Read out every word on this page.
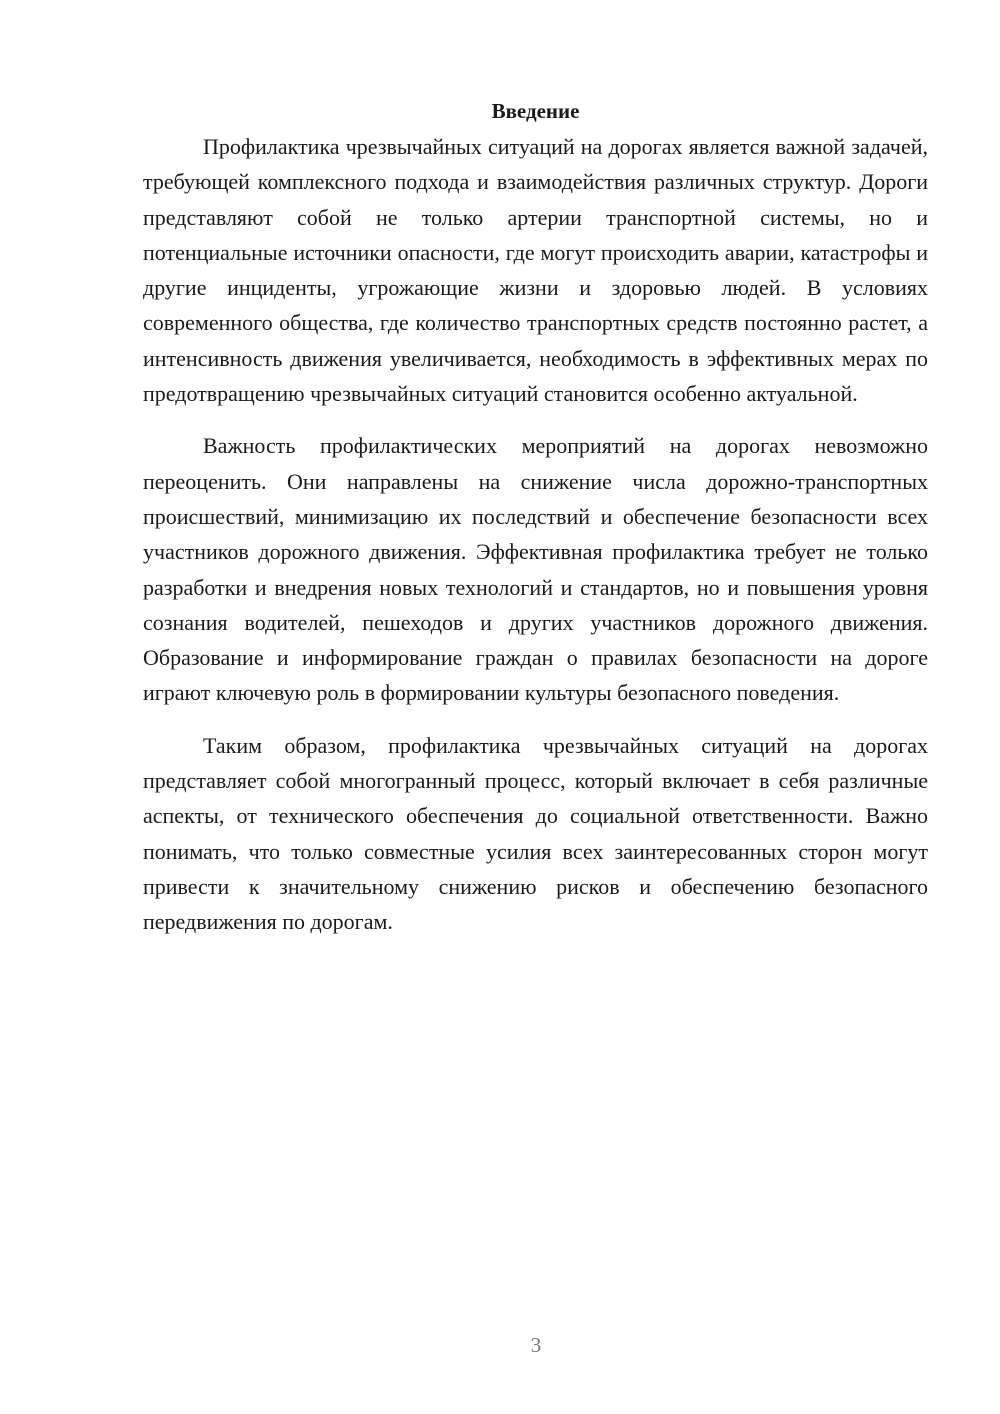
Введение

Профилактика чрезвычайных ситуаций на дорогах является важной задачей, требующей комплексного подхода и взаимодействия различных структур. Дороги представляют собой не только артерии транспортной системы, но и потенциальные источники опасности, где могут происходить аварии, катастрофы и другие инциденты, угрожающие жизни и здоровью людей. В условиях современного общества, где количество транспортных средств постоянно растет, а интенсивность движения увеличивается, необходимость в эффективных мерах по предотвращению чрезвычайных ситуаций становится особенно актуальной.

Важность профилактических мероприятий на дорогах невозможно переоценить. Они направлены на снижение числа дорожно-транспортных происшествий, минимизацию их последствий и обеспечение безопасности всех участников дорожного движения. Эффективная профилактика требует не только разработки и внедрения новых технологий и стандартов, но и повышения уровня сознания водителей, пешеходов и других участников дорожного движения. Образование и информирование граждан о правилах безопасности на дороге играют ключевую роль в формировании культуры безопасного поведения.

Таким образом, профилактика чрезвычайных ситуаций на дорогах представляет собой многогранный процесс, который включает в себя различные аспекты, от технического обеспечения до социальной ответственности. Важно понимать, что только совместные усилия всех заинтересованных сторон могут привести к значительному снижению рисков и обеспечению безопасного передвижения по дорогам.

3
